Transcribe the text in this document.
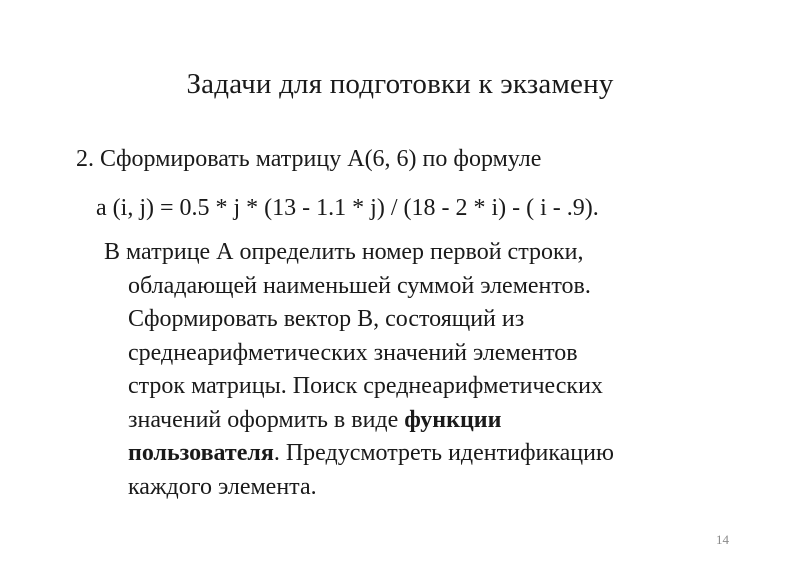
Задачи для подготовки к экзамену
2. Сформировать матрицу A(6, 6) по формуле
a (i, j) = 0.5 * j * (13 - 1.1 * j) / (18 - 2 * i) - ( i - .9).
В матрице А определить номер первой строки,
обладающей наименьшей суммой элементов.
Сформировать вектор B, состоящий из
среднеарифметических значений элементов
строк матрицы. Поиск среднеарифметических
значений оформить в виде функции
пользователя. Предусмотреть идентификацию
каждого элемента.
14
